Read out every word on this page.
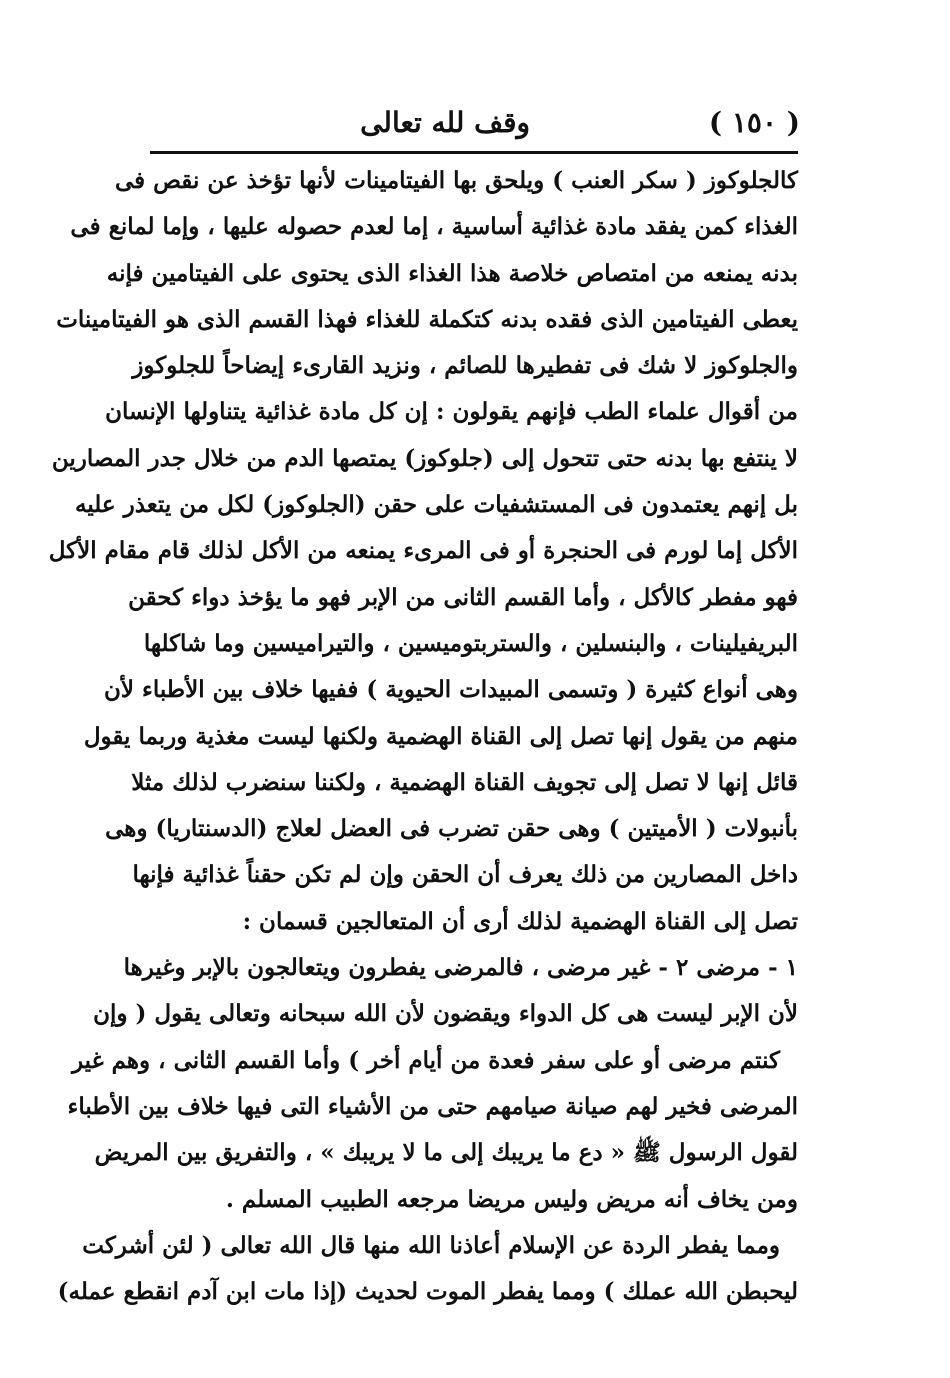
( ١٥٠ )
وقف لله تعالى
كالجلوكوز ( سكر العنب ) ويلحق بها الفيتامينات لأنها تؤخذ عن نقص فى
الغذاء كمن يفقد مادة غذائية أساسية ، إما لعدم حصوله عليها ، وإما لمانع فى
بدنه يمنعه من امتصاص خلاصة هذا الغذاء الذى يحتوى على الفيتامين فإنه
يعطى الفيتامين الذى فقده بدنه كتكملة للغذاء فهذا القسم الذى هو الفيتامينات
والجلوكوز لا شك فى تفطيرها للصائم ، ونزيد القارىء إيضاحاً للجلوكوز
من أقوال علماء الطب فإنهم يقولون : إن كل مادة غذائية يتناولها الإنسان
لا ينتفع بها بدنه حتى تتحول إلى (جلوكوز) يمتصها الدم من خلال جدر المصارين
بل إنهم يعتمدون فى المستشفيات على حقن (الجلوكوز) لكل من يتعذر عليه
الأكل إما لورم فى الحنجرة أو فى المرىء يمنعه من الأكل لذلك قام مقام الأكل
فهو مفطر كالأكل ، وأما القسم الثانى من الإبر فهو ما يؤخذ دواء كحقن
البريفيلينات ، والبنسلين ، والستربتوميسين ، والتيراميسين وما شاكلها
وهى أنواع كثيرة ( وتسمى المبيدات الحيوية ) ففيها خلاف بين الأطباء لأن
منهم من يقول إنها تصل إلى القناة الهضمية ولكنها ليست مغذية وربما يقول
قائل إنها لا تصل إلى تجويف القناة الهضمية ، ولكننا سنضرب لذلك مثلا
بأنبولات ( الأميتين ) وهى حقن تضرب فى العضل لعلاج (الدسنتاريا) وهى
داخل المصارين من ذلك يعرف أن الحقن وإن لم تكن حقناً غذائية فإنها
تصل إلى القناة الهضمية لذلك أرى أن المتعالجين قسمان :
١ - مرضى ٢ - غير مرضى ، فالمرضى يفطرون ويتعالجون بالإبر وغيرها
لأن الإبر ليست هى كل الدواء ويقضون لأن الله سبحانه وتعالى يقول ( وإن
كنتم مرضى أو على سفر فعدة من أيام أخر ) وأما القسم الثانى ، وهم غير
المرضى فخير لهم صيانة صيامهم حتى من الأشياء التى فيها خلاف بين الأطباء
لقول الرسول ﷺ « دع ما يريبك إلى ما لا يريبك » ، والتفريق بين المريض
ومن يخاف أنه مريض وليس مريضا مرجعه الطبيب المسلم .
ومما يفطر الردة عن الإسلام أعاذنا الله منها قال الله تعالى ( لئن أشركت
ليحبطن الله عملك ) ومما يفطر الموت لحديث (إذا مات ابن آدم انقطع عمله)
